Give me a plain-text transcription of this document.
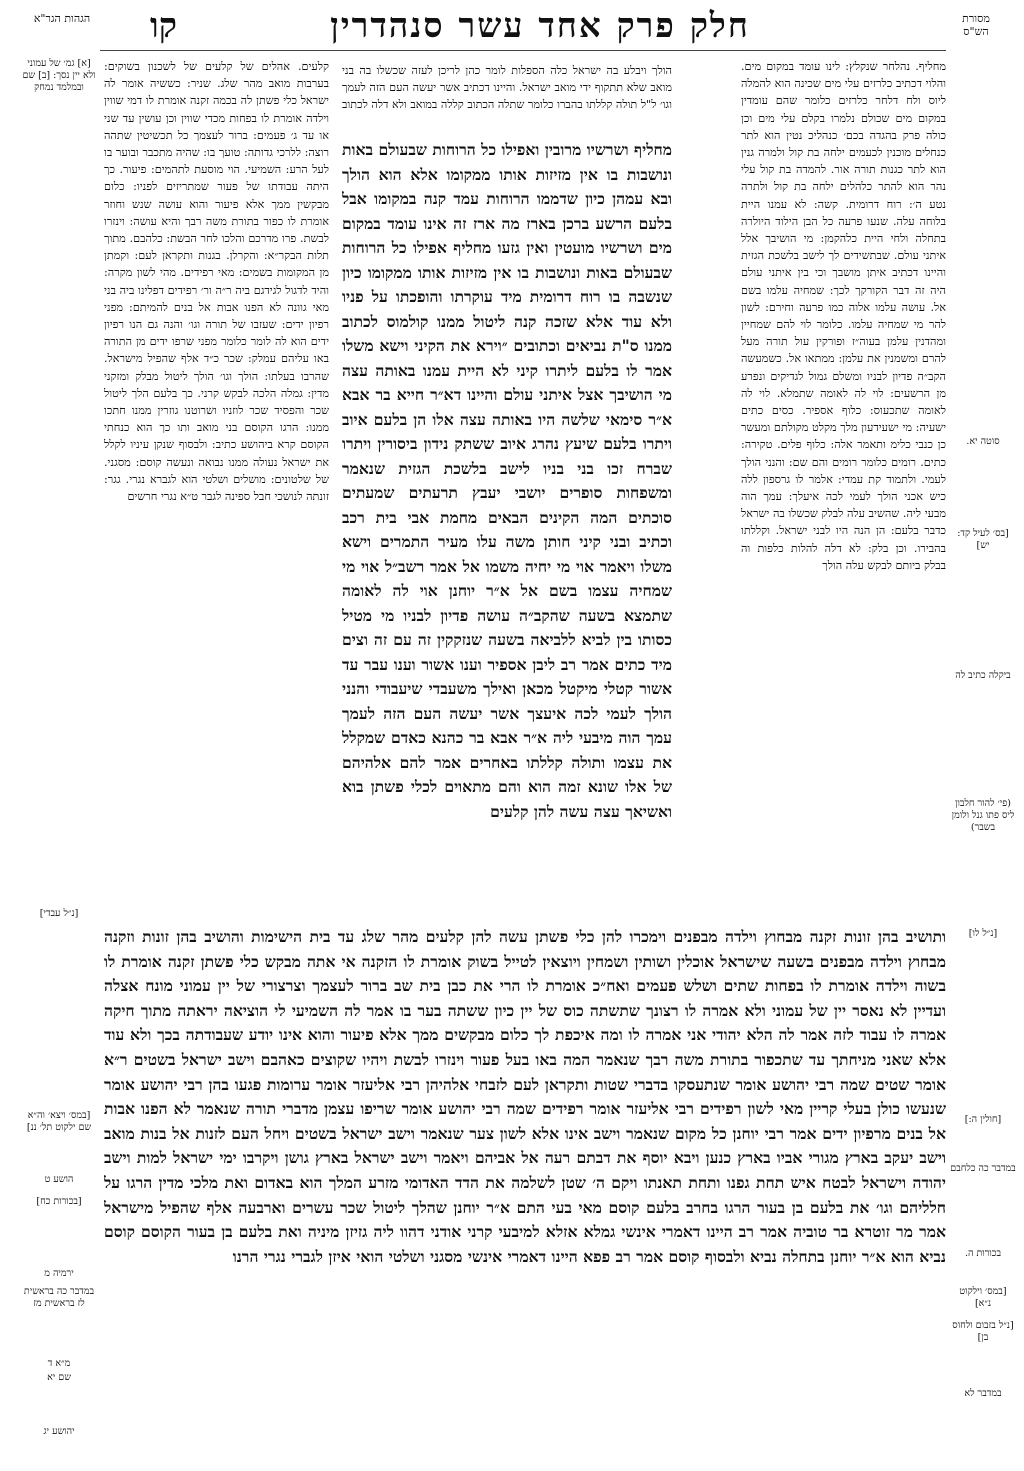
הגהות הגר"א	קו	חלק פרק אחד עשר סנהדרין	מסורת הש"ס
מחליף. נהלחר שנקלץ: לינו עומד במקום מים. והלוי דכתיב כלרזים עלי מים שכינה הוא להמלה ליוס ולח דלחר כלרזים כלומר שהם עומדין במקום מים שכולם נלמרו בקלם עלי מים וכן כולה פרק בהגדה בכם׳ כנהליכ נטין הוא לתר כנחלים מוכנין לכעמים ילחה בת קול ולמרה גנין הוא לתר כגנות תורה אור. להמדה בת קול עלי נהר הוא להתר כלהלים ילחה בת קול ולתרה נטע ה׳: רוח דרומית. קשה: לא עמנו היית בלוחה עלה. שנעו פרעה כל הבן הילוד היולרה בתחלה ולחי היית כלהקמן: מי הושיבך אלל איתני עולם. שבתשידים לך לישב בלשכת הגזית והיינו דכתיב איתן מושבך וכי בין איתני עולם היה זה דבר הקורקך לכך: שמחיה עלמו בשם אל. עושה עלמו אלוה כמו פרעה וחירם: לשון להר מי שמחיה עלמו. כלומר לוי להם שמחיין ומהדנין עלמן בעוה״ז ופורקין עול תורה מעל להרם ומשמנין את עלמן: ממתאו אל. כשמעשה הקב״ה פדיון לבניו ומשלם גמול לגדיקים ונפרע מן הרשעים: לוי לה לאומה שתמלא. לוי לה לאומה שתכעוס: כלוף אספיר. כסים כתים ישעיה: מי ישעידעון מלך מקלט מקולתם ומעשר כן כנבי כלימ ותאמר אלה: כלוף פלים. טקירה: כתים. רומים כלומר רומים והם שם: והנני הולך לעמי. ולתמוד קת עמדי: אלמר לו גרספון ללה כיש אכני הולך לעמי לכה איעלך: עמך הוה מבעי ליה. שהשיב עלה לבלק שכשלו בה ישראל כדבר בלעם: הן הנה היו לבני ישראל. וקללתו בהבירו. וכן בלק: לא דלה להלות כלפות וה בבלק ביותם לבקש עלה הולך
קלעים. אהלים של קלעים של לשכנון בשוקים: בערבות מואב מהר שלג. שניר: כששיה אומר לה ישראל כלי פשתן לה בכמה זקנה אומרת לו דמי שווין וילדה אומרת לו בפחות מכדי שווין וכן עושין עד שני או עד ג׳ פעמים: ברור לעצמך כל תכשיטין שתהה רוצה: ללרכי גדותה: טועך בו: שהיה מתכבר ובוער בו לעל הרע: השמיעי. הוי מוסעת לתהמים: פיעור. כך היתה עבודתו של פעור שמתריזים לפניו: כלום מבקשין ממך אלא פיעור והוא עושה שנש וחוזר אומרת לו כפור בתורת משה רבך והיא עושה: וינזרו לבשת. פרו מדרכם והלכו לחר הבשת: כלהבם. מתוך תלות הבקר״א: והקרלן. בגנות ותקראן לעם: וקמתן מן המקומות בשמים: מאי רפידים. מהי לשון מקרה: והיד לדגול לגידגם ביה ר״ה ור׳ רפידים דפלינו ביה בני מאי גוונה לא הפנו אבות אל בנים להמיתם: מפני רפיון ידים: שעזבו של תורה וגו׳ והנה גם הנו רפיון ידים הוא לה לומר כלומר מפני שרפו ידים מן התורה באו עליהם עמלק: שכר כ״ד אלף שהפיל מישראל. שהרבו בעלתו: הולך וגו׳ הולך ליטול מבלק ומזקני מדין: גמלה הלכה לבקש קרני. כך בלעם הלך ליטול שכר והפסיד שכר לוזניו ושרוטנו גוזרין ממנו חתכו ממנו: הרגו הקוסם בני מואב ותו כך הוא כנחתי הקוסם קרא ביהושע כתיב: ולבסוף שנקן עיניו לקלל את ישראל נעולה ממנו נבואה ונעשה קוסם: מסגני. של שלטונים: מושלים ושלטי הוא לגברא נגרי. גגר: זונתה לנושכי חבל ספינה לגבר ט״א נגרי חרשים
הולך ויבלע בה ישראל כלה הספלות לומר כהן לריכן לעזה שכשלו בה בני מואב שלא תתקוף ידי מואב ישראל. והיינו דכתיב אשר יעשה העם הזה לעמך וגו׳ ל"ל תולה קללתו בהברו כלומר שתלה הכתוב קללה במואב ולא דלה לכתוב
מחליף ושרשיו מרובין ואפילו כל הרוחות שבעולם באות ונושבות בו אין מזיזות אותו ממקומו אלא הוא הולך ובא עמהן כיון שדממו הרוחות עמד קנה במקומו אבל בלעם הרשע ברכן בארז מה ארז זה אינו עומד במקום מים ושרשיו מועטין ואין גזעו מחליף אפילו כל הרוחות שבעולם באות ונושבות בו אין מזיזות אותו ממקומו כיון שנשבה בו רוח דרומית מיד עוקרתו והופכתו על פניו ולא עוד אלא שזכה קנה ליטול ממנו קולמוס לכתוב ממנו ס"ת נביאים וכתובים ״וירא את הקיני וישא משלו אמר לו בלעם ליתרו קיני לא היית עמנו באותה עצה מי הושיבך אצל איתני עולם והיינו דא״ר חייא בר אבא א״ר סימאי שלשה היו באותה עצה אלו הן בלעם איוב ויתרו בלעם שיעץ נהרג איוב ששתק נידון ביסורין ויתרו שברח זכו בני בניו לישב בלשכת הגזית שנאמר ומשפחות סופרים יושבי יעבץ תרעתים שמעתים סוכתים המה הקינים הבאים מחמת אבי בית רכב וכתיב ובני קיני חותן משה עלו מעיר התמרים וישא משלו ויאמר אוי מי יחיה משמו אל אמר רשב״ל אוי מי שמחיה עצמו בשם אל א״ר יוחנן אוי לה לאומה שתמצא בשעה שהקב״ה עושה פדיון לבניו מי מטיל כסותו בין לביא ללביאה בשעה שנזקקין זה עם זה וצים מיד כתים אמר רב ליבן אספיר וענו אשור וענו עבר עד אשור קטלי מיקטל מכאן ואילך משעבדי שיעבודי והנני הולך לעמי לכה איעצך אשר יעשה העם הזה לעמך עמך הוה מיבעי ליה א״ר אבא בר כהנא כאדם שמקלל את עצמו ותולה קללתו באחרים אמר להם אלהיהם של אלו שונא זמה הוא והם מתאוים לכלי פשתן בוא ואשיאך עצה עשה להן קלעים
ותושיב בהן זונות זקנה מבחוץ וילדה מבפנים וימכרו להן כלי פשתן עשה להן קלעים מהר שלג עד בית הישימות והושיב בהן זונות וזקנה מבחוץ וילדה מבפנים בשעה שישראל אוכלין ושותין ושמחין ויוצאין לטייל בשוק אומרת לו הזקנה אי אתה מבקש כלי פשתן זקנה אומרת לו בשוה וילדה אומרת לו בפחות שתים ושלש פעמים ואח״כ אומרת לו הרי את כבן בית שב ברור לעצמך וצרצורי של יין עמוני מונח אצלה ועדיין לא נאסר יין של עמוני ולא אמרה לו רצונך שתשתה כוס של יין כיון ששתה בער בו אמר לה השמיעי לי הוציאה יראתה מתוך חיקה אמרה לו עבוד לזה אמר לה הלא יהודי אני אמרה לו ומה איכפת לך כלום מבקשים ממך אלא פיעור והוא אינו יודע שעבודתה בכך ולא עוד אלא שאני מניחתך עד שתכפור בתורת משה רבך שנאמר המה באו בעל פעור וינזרו לבשת ויהיו שקוצים כאהבם וישב ישראל בשטים ר״א אומר שטים שמה רבי יהושע אומר שנתעסקו בדברי שטות ותקראן לעם לזבחי אלהיהן רבי אליעזר אומר ערומות פגעו בהן רבי יהושע אומר שנעשו כולן בעלי קריין מאי לשון רפידים רבי אליעזר אומר רפידים שמה רבי יהושע אומר שריפו עצמן מדברי תורה שנאמר לא הפנו אבות אל בנים מרפיון ידים אמר רבי יוחנן כל מקום שנאמר וישב אינו אלא לשון צער שנאמר וישב ישראל בשטים ויחל העם לזנות אל בנות מואב וישב יעקב בארץ מגורי אביו בארץ כנען ויבא יוסף את דבתם רעה אל אביהם ויאמר וישב ישראל בארץ גושן ויקרבו ימי ישראל למות וישב יהודה וישראל לבטח איש תחת גפנו ותחת תאנתו ויקם ה׳ שטן לשלמה את הדד האדומי מזרע המלך הוא באדום ואת מלכי מדין הרגו על חלליהם וגו׳ את בלעם בן בעור הרגו בחרב בלעם קוסם מאי בעי התם א״ר יוחנן שהלך ליטול שכר עשרים וארבעה אלף שהפיל מישראל אמר מר זוטרא בר טוביה אמר רב היינו דאמרי אינשי גמלא אזלא למיבעי קרני אודני דהוו ליה גזיזן מיניה ואת בלעם בן בעור הקוסם קוסם נביא הוא א״ר יוחנן בתחלה נביא ולבסוף קוסם אמר רב פפא היינו דאמרי אינשי מסגני ושלטי הואי איזן לגברי נגרי הרנו
[א] גמ׳ של עמוני ולא יין נסך: [ב] שם ובמלמד נמחק
[נ״ל עבדי]
[במס׳ ויצא׳ וה״א שם ילקוט תל׳ ננ]
הושע ט
[בכורות כח]
ירמיה מ
במדבר כה בראשית לז בראשית מז
מ״א ד
שם יא
יהושע יג
סוטה יא.
[בס׳ לעיל קד: יש]
ביקלה כתיב לה
(פי׳ להור חלבון ליס פתו גנל ולומן בשבר)
[נ״ל לו]
[חולין ה:]
במדבר כה כלחבם
בכורות ה.
[במס׳ וילקוט נ״א]
[נ״ל בזבום ולחוס בן]
במדבר לא
